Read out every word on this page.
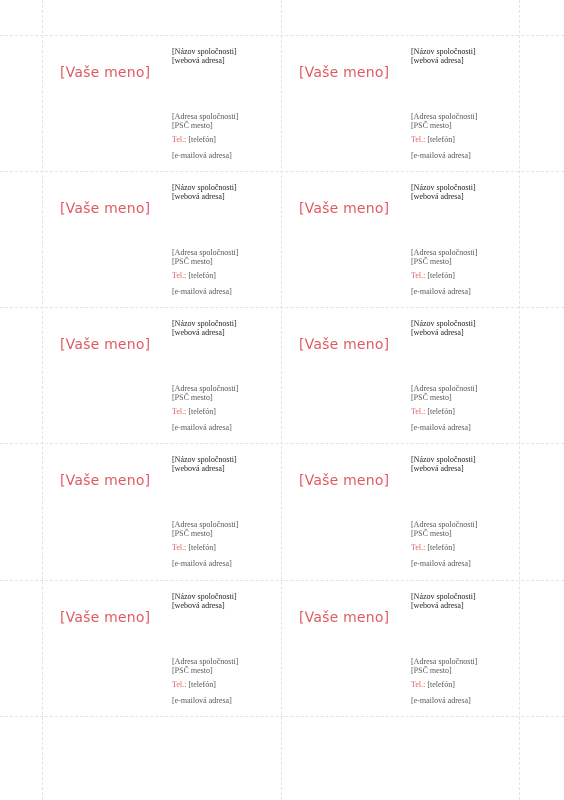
[Vaše meno]
[Názov spoločnosti]
[webová adresa]
[Adresa spoločnosti]
[PSČ mesto]
Tel.: [telefón]
[e-mailová adresa]
[Vaše meno]
[Názov spoločnosti]
[webová adresa]
[Adresa spoločnosti]
[PSČ mesto]
Tel.: [telefón]
[e-mailová adresa]
[Vaše meno]
[Názov spoločnosti]
[webová adresa]
[Adresa spoločnosti]
[PSČ mesto]
Tel.: [telefón]
[e-mailová adresa]
[Vaše meno]
[Názov spoločnosti]
[webová adresa]
[Adresa spoločnosti]
[PSČ mesto]
Tel.: [telefón]
[e-mailová adresa]
[Vaše meno]
[Názov spoločnosti]
[webová adresa]
[Adresa spoločnosti]
[PSČ mesto]
Tel.: [telefón]
[e-mailová adresa]
[Vaše meno]
[Názov spoločnosti]
[webová adresa]
[Adresa spoločnosti]
[PSČ mesto]
Tel.: [telefón]
[e-mailová adresa]
[Vaše meno]
[Názov spoločnosti]
[webová adresa]
[Adresa spoločnosti]
[PSČ mesto]
Tel.: [telefón]
[e-mailová adresa]
[Vaše meno]
[Názov spoločnosti]
[webová adresa]
[Adresa spoločnosti]
[PSČ mesto]
Tel.: [telefón]
[e-mailová adresa]
[Vaše meno]
[Názov spoločnosti]
[webová adresa]
[Adresa spoločnosti]
[PSČ mesto]
Tel.: [telefón]
[e-mailová adresa]
[Vaše meno]
[Názov spoločnosti]
[webová adresa]
[Adresa spoločnosti]
[PSČ mesto]
Tel.: [telefón]
[e-mailová adresa]
